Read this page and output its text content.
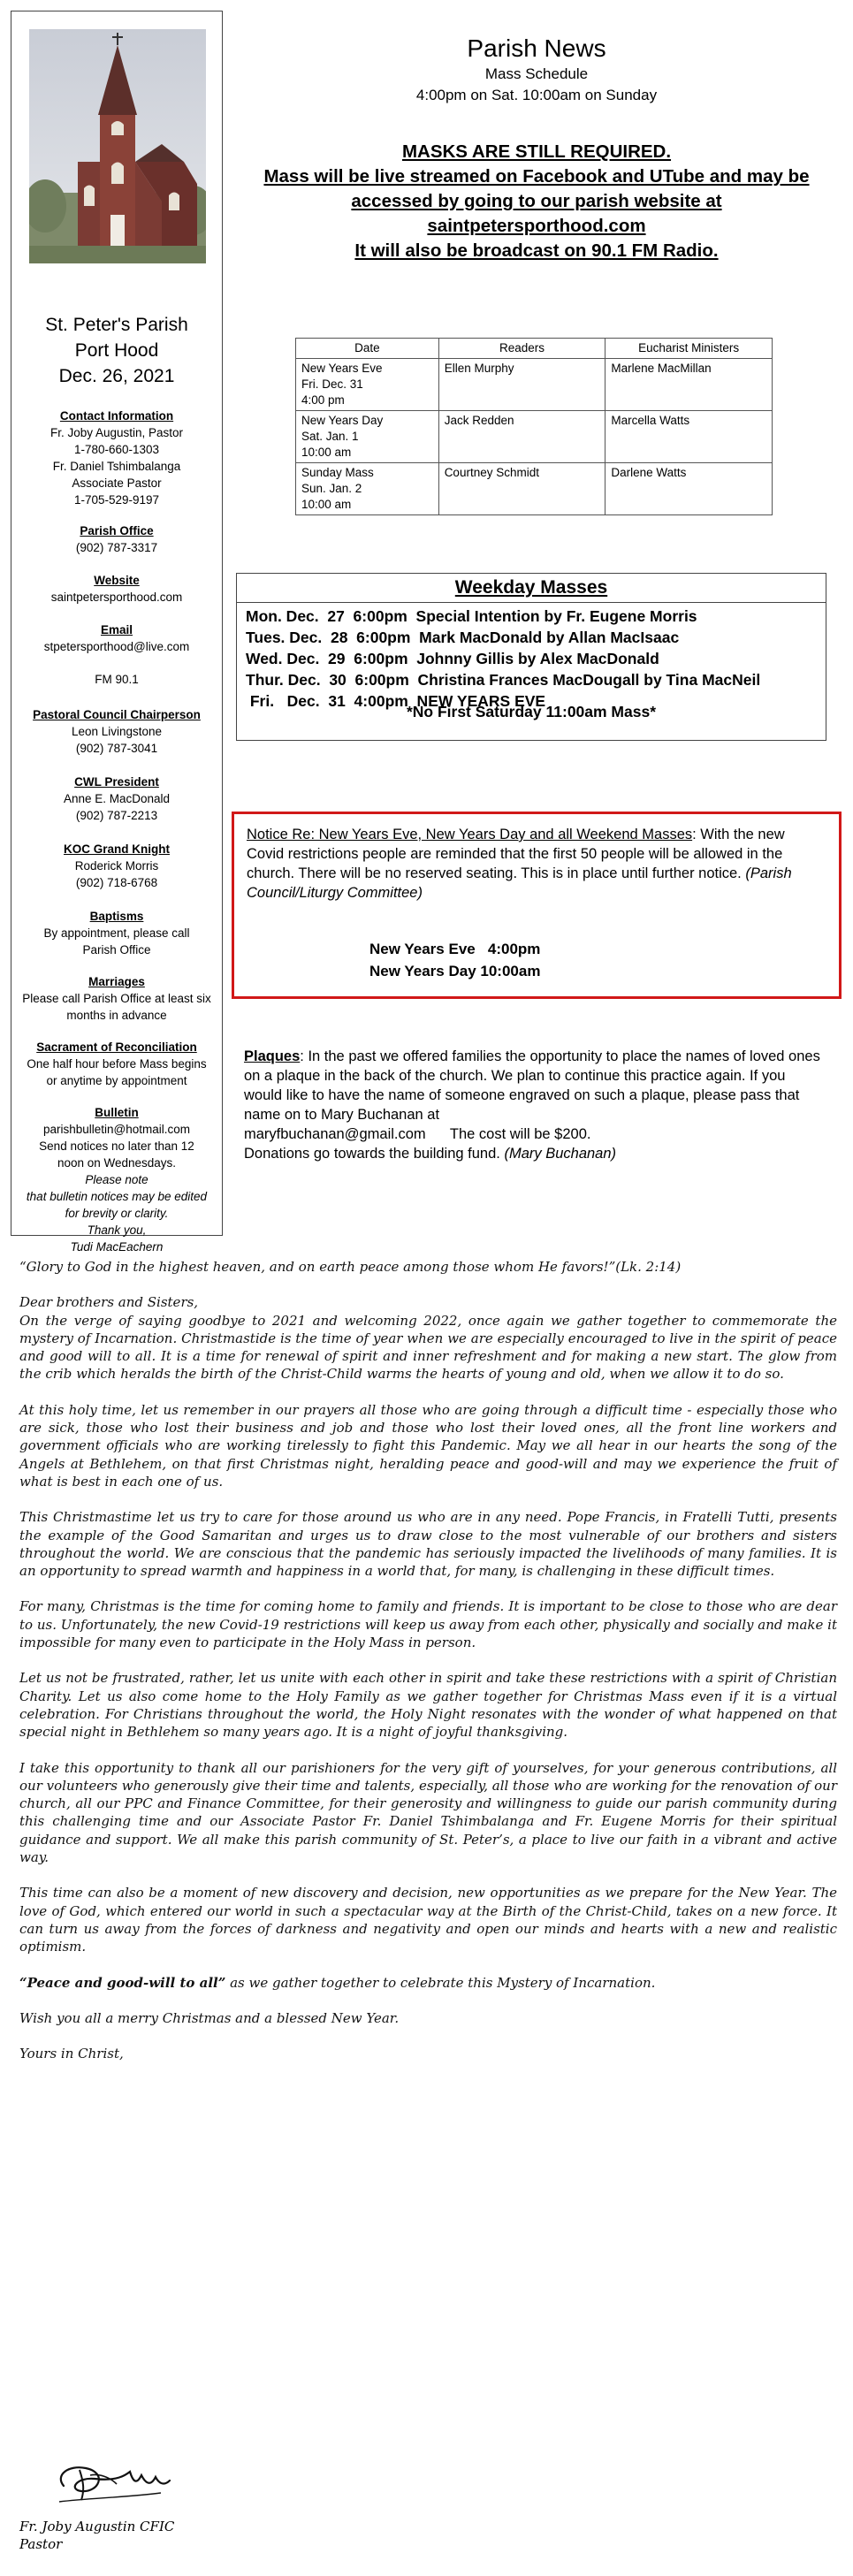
St. Peter's Parish
Port Hood
Dec. 26, 2021
Contact Information
Fr. Joby Augustin, Pastor
1-780-660-1303
Fr. Daniel Tshimbalanga
Associate Pastor
1-705-529-9197
Parish Office
(902) 787-3317
Website
saintpetersporthood.com
Email
stpetersporthood@live.com
FM 90.1
Pastoral Council Chairperson
Leon Livingstone
(902) 787-3041
CWL President
Anne E. MacDonald
(902) 787-2213
KOC Grand Knight
Roderick Morris
(902) 718-6768
Baptisms
By appointment, please call
Parish Office
Marriages
Please call Parish Office at least six
months in advance
Sacrament of Reconciliation
One half hour before Mass begins
or anytime by appointment
Bulletin
parishbulletin@hotmail.com
Send notices no later than 12
noon on Wednesdays.
Please note
that bulletin notices may be edited
for brevity or clarity.
Thank you,
Tudi MacEachern
Parish News
Mass Schedule
4:00pm on Sat. 10:00am on Sunday
MASKS ARE STILL REQUIRED.
Mass will be live streamed on Facebook and UTube and may be
accessed by going to our parish website at
saintpetersporthood.com
It will also be broadcast on 90.1 FM Radio.
Date	Readers	Eucharist Ministers

New Years Eve
Fri. Dec. 31
4:00 pm	Ellen Murphy	Marlene MacMillan

New Years Day
Sat. Jan. 1
10:00 am	Jack Redden	Marcella Watts

Sunday Mass
Sun. Jan. 2
10:00 am	Courtney Schmidt	Darlene Watts
Weekday Masses
Mon. Dec.  27  6:00pm  Special Intention by Fr. Eugene Morris
Tues. Dec.  28  6:00pm  Mark MacDonald by Allan MacIsaac
Wed. Dec.  29  6:00pm  Johnny Gillis by Alex MacDonald
Thur. Dec.  30  6:00pm  Christina Frances MacDougall by Tina MacNeil
Fri.   Dec.  31  4:00pm  NEW YEARS EVE
*No First Saturday 11:00am Mass*
Notice Re: New Years Eve, New Years Day and all Weekend Masses: With the new Covid restrictions people are reminded that the first 50 people will be allowed in the church. There will be no reserved seating. This is in place until further notice. (Parish Council/Liturgy Committee)
New Years Eve   4:00pm
New Years Day 10:00am
Plaques: In the past we offered families the opportunity to place the names of loved ones on a plaque in the back of the church. We plan to continue this practice again. If you would like to have the name of someone engraved on such a plaque, please pass that name on to Mary Buchanan at
maryfbuchanan@gmail.com      The cost will be $200.
Donations go towards the building fund. (Mary Buchanan)

“Glory to God in the highest heaven, and on earth peace among those whom He favors!”(Lk. 2:14)

Dear brothers and Sisters,

On the verge of saying goodbye to 2021 and welcoming 2022, once again we gather together to commemorate the mystery of Incarnation. Christmastide is the time of year when we are especially encouraged to live in the spirit of peace and good will to all. It is a time for renewal of spirit and inner refreshment and for making a new start. The glow from the crib which heralds the birth of the Christ-Child warms the hearts of young and old, when we allow it to do so.

At this holy time, let us remember in our prayers all those who are going through a difficult time - especially those who are sick, those who lost their business and job and those who lost their loved ones, all the front line workers and government officials who are working tirelessly to fight this Pandemic. May we all hear in our hearts the song of the Angels at Bethlehem, on that first Christmas night, heralding peace and good-will and may we experience the fruit of what is best in each one of us.

This Christmastime let us try to care for those around us who are in any need. Pope Francis, in Fratelli Tutti, presents the example of the Good Samaritan and urges us to draw close to the most vulnerable of our brothers and sisters throughout the world. We are conscious that the pandemic has seriously impacted the livelihoods of many families. It is an opportunity to spread warmth and happiness in a world that, for many, is challenging in these difficult times.

For many, Christmas is the time for coming home to family and friends. It is important to be close to those who are dear to us. Unfortunately, the new Covid-19 restrictions will keep us away from each other, physically and socially and make it impossible for many even to participate in the Holy Mass in person.

Let us not be frustrated, rather, let us unite with each other in spirit and take these restrictions with a spirit of Christian Charity. Let us also come home to the Holy Family as we gather together for Christmas Mass even if it is a virtual celebration. For Christians throughout the world, the Holy Night resonates with the wonder of what happened on that special night in Bethlehem so many years ago. It is a night of joyful thanksgiving.

I take this opportunity to thank all our parishioners for the very gift of yourselves, for your generous contributions, all our volunteers who generously give their time and talents, especially, all those who are working for the renovation of our church, all our PPC and Finance Committee, for their generosity and willingness to guide our parish community during this challenging time and our Associate Pastor Fr. Daniel Tshimbalanga and Fr. Eugene Morris for their spiritual guidance and support. We all make this parish community of St. Peter’s, a place to live our faith in a vibrant and active way.

This time can also be a moment of new discovery and decision, new opportunities as we prepare for the New Year. The love of God, which entered our world in such a spectacular way at the Birth of the Christ-Child, takes on a new force. It can turn us away from the forces of darkness and negativity and open our minds and hearts with a new and realistic optimism.

“Peace and good-will to all” as we gather together to celebrate this Mystery of Incarnation.

Wish you all a merry Christmas and a blessed New Year.

Yours in Christ,

Fr. Joby Augustin CFIC
Pastor
